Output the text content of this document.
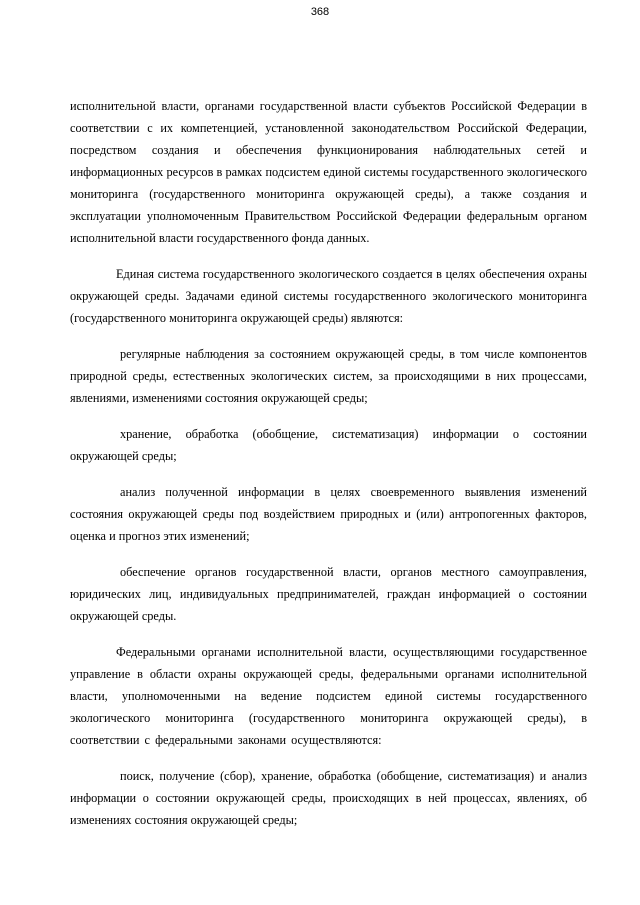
368

исполнительной власти, органами государственной власти субъектов Российской Федерации в соответствии с их компетенцией, установленной законодательством Российской Федерации, посредством создания и обеспечения функционирования наблюдательных сетей и информационных ресурсов в рамках подсистем единой системы государственного экологического мониторинга (государственного мониторинга окружающей среды), а также создания и эксплуатации уполномоченным Правительством Российской Федерации федеральным органом исполнительной власти государственного фонда данных.

Единая система государственного экологического создается в целях обеспечения охраны окружающей среды. Задачами единой системы государственного экологического мониторинга (государственного мониторинга окружающей среды) являются:

регулярные наблюдения за состоянием окружающей среды, в том числе компонентов природной среды, естественных экологических систем, за происходящими в них процессами, явлениями, изменениями состояния окружающей среды;

хранение, обработка (обобщение, систематизация) информации о состоянии окружающей среды;

анализ полученной информации в целях своевременного выявления изменений состояния окружающей среды под воздействием природных и (или) антропогенных факторов, оценка и прогноз этих изменений;

обеспечение органов государственной власти, органов местного самоуправления, юридических лиц, индивидуальных предпринимателей, граждан информацией о состоянии окружающей среды.

Федеральными органами исполнительной власти, осуществляющими государственное управление в области охраны окружающей среды, федеральными органами исполнительной власти, уполномоченными на ведение подсистем единой системы государственного экологического мониторинга (государственного мониторинга окружающей среды), в соответствии с федеральными законами осуществляются:

поиск, получение (сбор), хранение, обработка (обобщение, систематизация) и анализ информации о состоянии окружающей среды, происходящих в ней процессах, явлениях, об изменениях состояния окружающей среды;
